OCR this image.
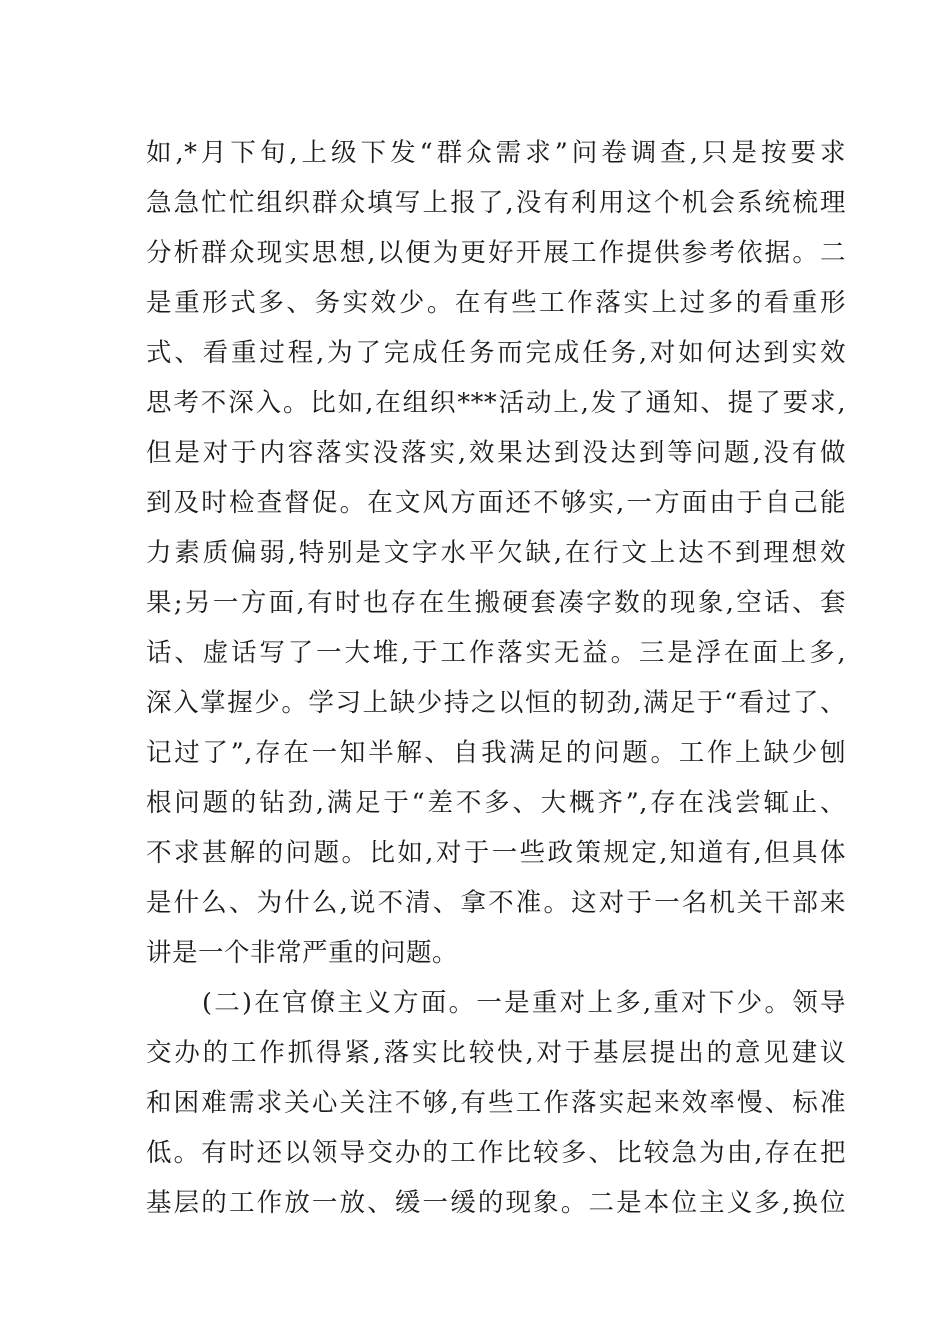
如,*月下旬,上级下发“群众需求”问卷调查,只是按要求
急急忙忙组织群众填写上报了,没有利用这个机会系统梳理
分析群众现实思想,以便为更好开展工作提供参考依据。二
是重形式多、务实效少。在有些工作落实上过多的看重形
式、看重过程,为了完成任务而完成任务,对如何达到实效
思考不深入。比如,在组织***活动上,发了通知、提了要求,
但是对于内容落实没落实,效果达到没达到等问题,没有做
到及时检查督促。在文风方面还不够实,一方面由于自己能
力素质偏弱,特别是文字水平欠缺,在行文上达不到理想效
果;另一方面,有时也存在生搬硬套凑字数的现象,空话、套
话、虚话写了一大堆,于工作落实无益。三是浮在面上多,
深入掌握少。学习上缺少持之以恒的韧劲,满足于“看过了、
记过了”,存在一知半解、自我满足的问题。工作上缺少刨
根问题的钻劲,满足于“差不多、大概齐”,存在浅尝辄止、
不求甚解的问题。比如,对于一些政策规定,知道有,但具体
是什么、为什么,说不清、拿不准。这对于一名机关干部来
讲是一个非常严重的问题。
(二)在官僚主义方面。一是重对上多,重对下少。领导
交办的工作抓得紧,落实比较快,对于基层提出的意见建议
和困难需求关心关注不够,有些工作落实起来效率慢、标准
低。有时还以领导交办的工作比较多、比较急为由,存在把
基层的工作放一放、缓一缓的现象。二是本位主义多,换位
